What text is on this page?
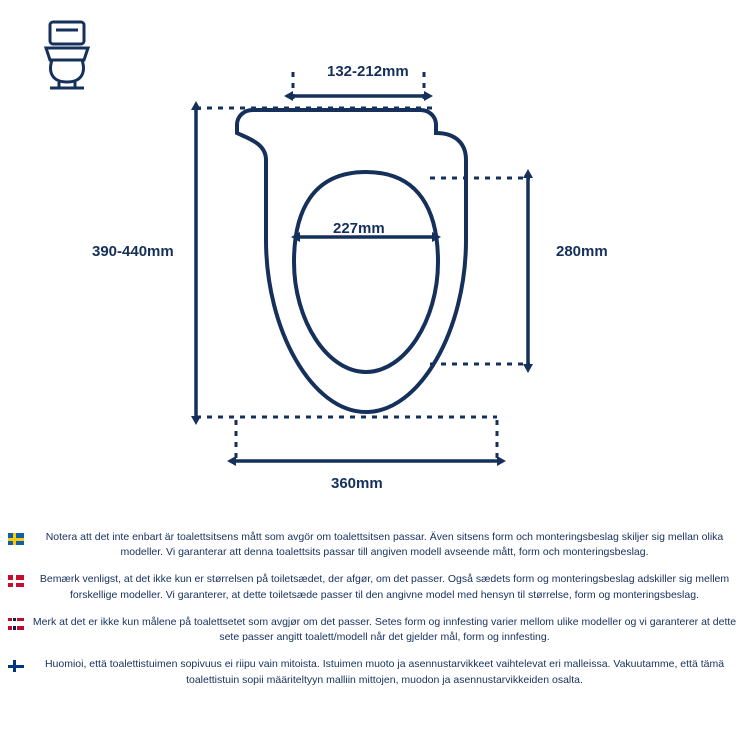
132-212mm
390-440mm
227mm
280mm
360mm
Notera att det inte enbart är toalettsitsens mått som avgör om toalettsitsen passar. Även sitsens form och monteringsbeslag skiljer sig mellan olika modeller. Vi garanterar att denna toalettsits passar till angiven modell avseende mått, form och monteringsbeslag.
Bemærk venligst, at det ikke kun er størrelsen på toiletsædet, der afgør, om det passer. Også sædets form og monteringsbeslag adskiller sig mellem forskellige modeller. Vi garanterer, at dette toiletsæde passer til den angivne model med hensyn til størrelse, form og monteringsbeslag.
Merk at det er ikke kun målene på toalettsetet som avgjør om det passer. Setes form og innfesting varier mellom ulike modeller og vi garanterer at dette sete passer angitt toalett/modell når det gjelder mål, form og innfesting.
Huomioi, että toalettistuimen sopivuus ei riipu vain mitoista. Istuimen muoto ja asennustarvikkeet vaihtelevat eri malleissa. Vakuutamme, että tämä toalettistuin sopii määriteltyyn malliin mittojen, muodon ja asennustarvikkeiden osalta.
